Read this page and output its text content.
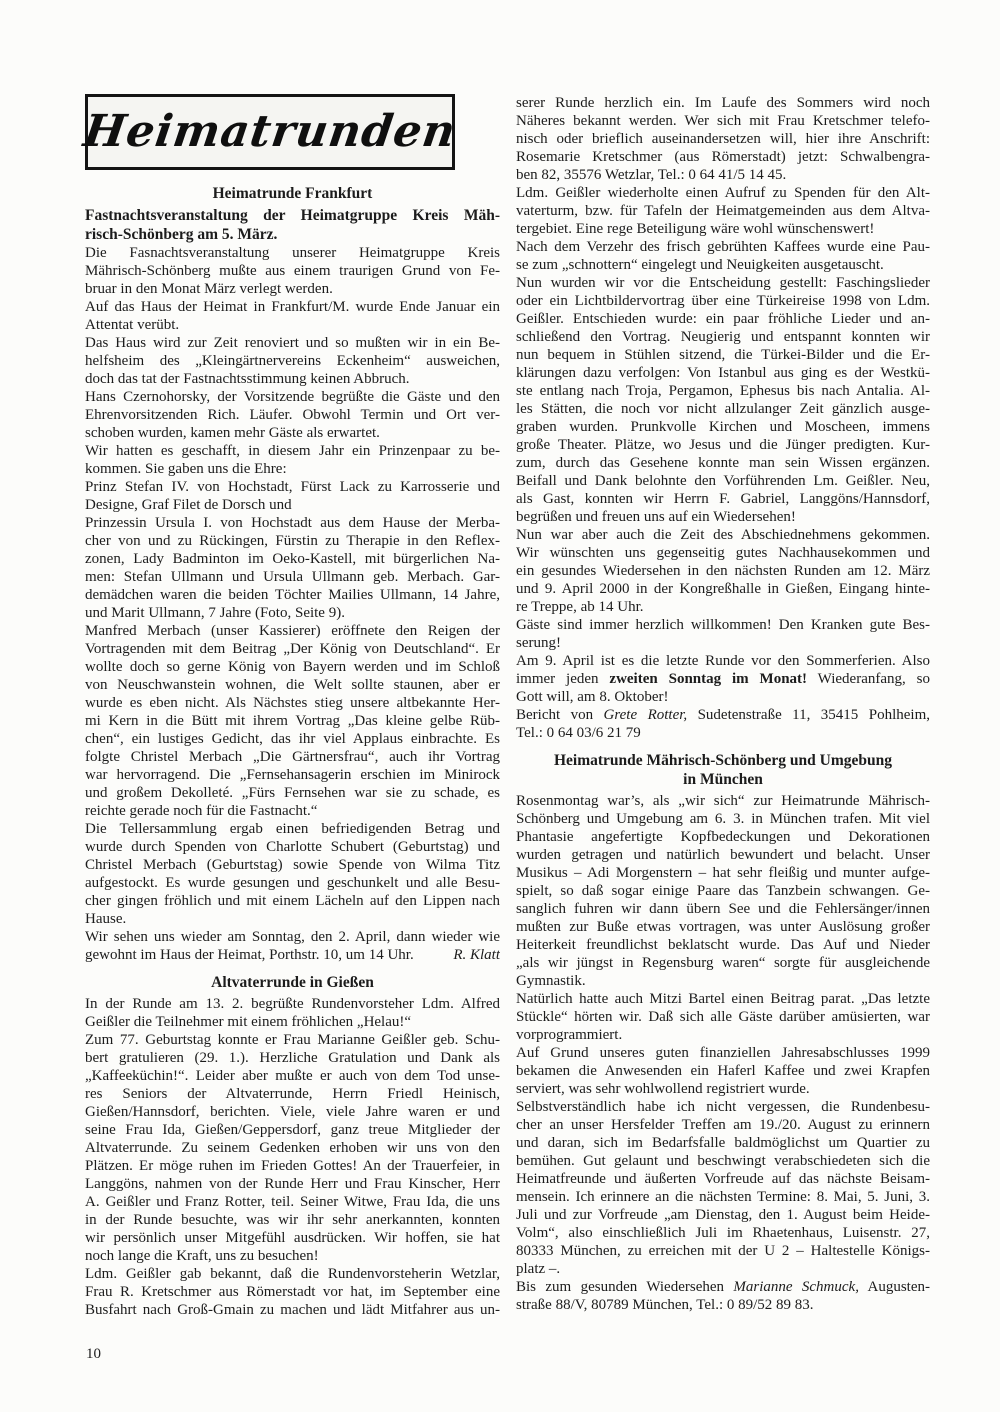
Heimatrunden
Heimatrunde Frankfurt
Fastnachtsveranstaltung der Heimatgruppe Kreis Mäh-
risch-Schönberg am 5. März.
Die Fasnachtsveranstaltung unserer Heimatgruppe Kreis
Mährisch-Schönberg mußte aus einem traurigen Grund von Fe-
bruar in den Monat März verlegt werden.
Auf das Haus der Heimat in Frankfurt/M. wurde Ende Januar ein
Attentat verübt.
Das Haus wird zur Zeit renoviert und so mußten wir in ein Be-
helfsheim des „Kleingärtnervereins Eckenheim“ ausweichen,
doch das tat der Fastnachtsstimmung keinen Abbruch.
Hans Czernohorsky, der Vorsitzende begrüßte die Gäste und den
Ehrenvorsitzenden Rich. Läufer. Obwohl Termin und Ort ver-
schoben wurden, kamen mehr Gäste als erwartet.
Wir hatten es geschafft, in diesem Jahr ein Prinzenpaar zu be-
kommen. Sie gaben uns die Ehre:
Prinz Stefan IV. von Hochstadt, Fürst Lack zu Karrosserie und
Designe, Graf Filet de Dorsch und
Prinzessin Ursula I. von Hochstadt aus dem Hause der Merba-
cher von und zu Rückingen, Fürstin zu Therapie in den Reflex-
zonen, Lady Badminton im Oeko-Kastell, mit bürgerlichen Na-
men: Stefan Ullmann und Ursula Ullmann geb. Merbach. Gar-
demädchen waren die beiden Töchter Mailies Ullmann, 14 Jahre,
und Marit Ullmann, 7 Jahre (Foto, Seite 9).
Manfred Merbach (unser Kassierer) eröffnete den Reigen der
Vortragenden mit dem Beitrag „Der König von Deutschland“. Er
wollte doch so gerne König von Bayern werden und im Schloß
von Neuschwanstein wohnen, die Welt sollte staunen, aber er
wurde es eben nicht. Als Nächstes stieg unsere altbekannte Her-
mi Kern in die Bütt mit ihrem Vortrag „Das kleine gelbe Rüb-
chen“, ein lustiges Gedicht, das ihr viel Applaus einbrachte. Es
folgte Christel Merbach „Die Gärtnersfrau“, auch ihr Vortrag
war hervorragend. Die „Fernsehansagerin erschien im Minirock
und großem Dekolleté. „Fürs Fernsehen war sie zu schade, es
reichte gerade noch für die Fastnacht.“
Die Tellersammlung ergab einen befriedigenden Betrag und
wurde durch Spenden von Charlotte Schubert (Geburtstag) und
Christel Merbach (Geburtstag) sowie Spende von Wilma Titz
aufgestockt. Es wurde gesungen und geschunkelt und alle Besu-
cher gingen fröhlich und mit einem Lächeln auf den Lippen nach
Hause.
Wir sehen uns wieder am Sonntag, den 2. April, dann wieder wie
gewohnt im Haus der Heimat, Porthstr. 10, um 14 Uhr.	R. Klatt
Altvaterrunde in Gießen
In der Runde am 13. 2. begrüßte Rundenvorsteher Ldm. Alfred
Geißler die Teilnehmer mit einem fröhlichen „Helau!“
Zum 77. Geburtstag konnte er Frau Marianne Geißler geb. Schu-
bert gratulieren (29. 1.). Herzliche Gratulation und Dank als
„Kaffeeküchin!“. Leider aber mußte er auch von dem Tod unse-
res Seniors der Altvaterrunde, Herrn Friedl Heinisch,
Gießen/Hannsdorf, berichten. Viele, viele Jahre waren er und
seine Frau Ida, Gießen/Geppersdorf, ganz treue Mitglieder der
Altvaterrunde. Zu seinem Gedenken erhoben wir uns von den
Plätzen. Er möge ruhen im Frieden Gottes! An der Trauerfeier, in
Langgöns, nahmen von der Runde Herr und Frau Kinscher, Herr
A. Geißler und Franz Rotter, teil. Seiner Witwe, Frau Ida, die uns
in der Runde besuchte, was wir ihr sehr anerkannten, konnten
wir persönlich unser Mitgefühl ausdrücken. Wir hoffen, sie hat
noch lange die Kraft, uns zu besuchen!
Ldm. Geißler gab bekannt, daß die Rundenvorsteherin Wetzlar,
Frau R. Kretschmer aus Römerstadt vor hat, im September eine
Busfahrt nach Groß-Gmain zu machen und lädt Mitfahrer aus un-
serer Runde herzlich ein. Im Laufe des Sommers wird noch
Näheres bekannt werden. Wer sich mit Frau Kretschmer telefo-
nisch oder brieflich auseinandersetzen will, hier ihre Anschrift:
Rosemarie Kretschmer (aus Römerstadt) jetzt: Schwalbengra-
ben 82, 35576 Wetzlar, Tel.: 0 64 41/5 14 45.
Ldm. Geißler wiederholte einen Aufruf zu Spenden für den Alt-
vaterturm, bzw. für Tafeln der Heimatgemeinden aus dem Altva-
tergebiet. Eine rege Beteiligung wäre wohl wünschenswert!
Nach dem Verzehr des frisch gebrühten Kaffees wurde eine Pau-
se zum „schnottern“ eingelegt und Neuigkeiten ausgetauscht.
Nun wurden wir vor die Entscheidung gestellt: Faschingslieder
oder ein Lichtbildervortrag über eine Türkeireise 1998 von Ldm.
Geißler. Entschieden wurde: ein paar fröhliche Lieder und an-
schließend den Vortrag. Neugierig und entspannt konnten wir
nun bequem in Stühlen sitzend, die Türkei-Bilder und die Er-
klärungen dazu verfolgen: Von Istanbul aus ging es der Westkü-
ste entlang nach Troja, Pergamon, Ephesus bis nach Antalia. Al-
les Stätten, die noch vor nicht allzulanger Zeit gänzlich ausge-
graben wurden. Prunkvolle Kirchen und Moscheen, immens
große Theater. Plätze, wo Jesus und die Jünger predigten. Kur-
zum, durch das Gesehene konnte man sein Wissen ergänzen.
Beifall und Dank belohnte den Vorführenden Lm. Geißler. Neu,
als Gast, konnten wir Herrn F. Gabriel, Langgöns/Hannsdorf,
begrüßen und freuen uns auf ein Wiedersehen!
Nun war aber auch die Zeit des Abschiednehmens gekommen.
Wir wünschten uns gegenseitig gutes Nachhausekommen und
ein gesundes Wiedersehen in den nächsten Runden am 12. März
und 9. April 2000 in der Kongreßhalle in Gießen, Eingang hinte-
re Treppe, ab 14 Uhr.
Gäste sind immer herzlich willkommen! Den Kranken gute Bes-
serung!
Am 9. April ist es die letzte Runde vor den Sommerferien. Also
immer jeden zweiten Sonntag im Monat! Wiederanfang, so
Gott will, am 8. Oktober!
Bericht von Grete Rotter, Sudetenstraße 11, 35415 Pohlheim,
Tel.: 0 64 03/6 21 79
Heimatrunde Mährisch-Schönberg und Umgebung
in München
Rosenmontag war’s, als „wir sich“ zur Heimatrunde Mährisch-
Schönberg und Umgebung am 6. 3. in München trafen. Mit viel
Phantasie angefertigte Kopfbedeckungen und Dekorationen
wurden getragen und natürlich bewundert und belacht. Unser
Musikus – Adi Morgenstern – hat sehr fleißig und munter aufge-
spielt, so daß sogar einige Paare das Tanzbein schwangen. Ge-
sanglich fuhren wir dann übern See und die Fehlersänger/innen
mußten zur Buße etwas vortragen, was unter Auslösung großer
Heiterkeit freundlichst beklatscht wurde. Das Auf und Nieder
„als wir jüngst in Regensburg waren“ sorgte für ausgleichende
Gymnastik.
Natürlich hatte auch Mitzi Bartel einen Beitrag parat. „Das letzte
Stückle“ hörten wir. Daß sich alle Gäste darüber amüsierten, war
vorprogrammiert.
Auf Grund unseres guten finanziellen Jahresabschlusses 1999
bekamen die Anwesenden ein Haferl Kaffee und zwei Krapfen
serviert, was sehr wohlwollend registriert wurde.
Selbstverständlich habe ich nicht vergessen, die Rundenbesu-
cher an unser Hersfelder Treffen am 19./20. August zu erinnern
und daran, sich im Bedarfsfalle baldmöglichst um Quartier zu
bemühen. Gut gelaunt und beschwingt verabschiedeten sich die
Heimatfreunde und äußerten Vorfreude auf das nächste Beisam-
mensein. Ich erinnere an die nächsten Termine: 8. Mai, 5. Juni, 3.
Juli und zur Vorfreude „am Dienstag, den 1. August beim Heide-
Volm“, also einschließlich Juli im Rhaetenhaus, Luisenstr. 27,
80333 München, zu erreichen mit der U 2 – Haltestelle Königs-
platz –.
Bis zum gesunden Wiedersehen Marianne Schmuck, Augusten-
straße 88/V, 80789 München, Tel.: 0 89/52 89 83.
10
